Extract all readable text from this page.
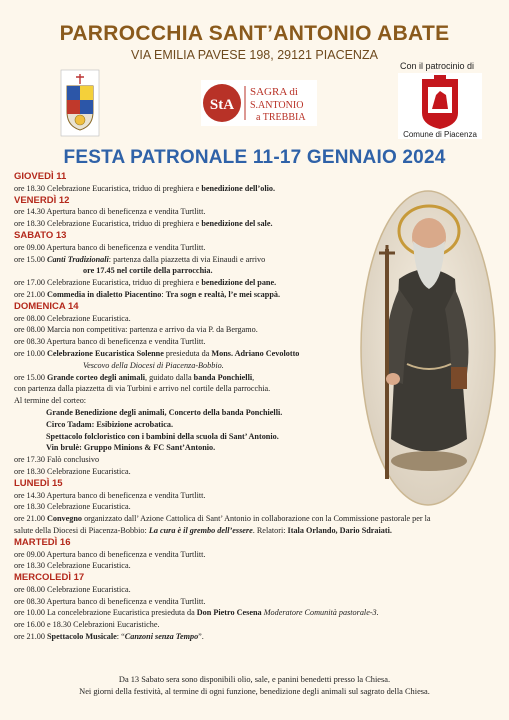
PARROCCHIA SANT’ANTONIO ABATE
VIA EMILIA PAVESE 198, 29121 PIACENZA
StA
SAGRA di
S.ANTONIO
a TREBBIA
Con il patrocinio di
Comune di Piacenza
FESTA PATRONALE 11-17 GENNAIO 2024
GIOVEDÌ 11
ore 18.30 Celebrazione Eucaristica, triduo di preghiera e benedizione dell’olio.
VENERDÌ 12
ore 14.30 Apertura banco di beneficenza e vendita Turtlitt.
ore 18.30 Celebrazione Eucaristica, triduo di preghiera e benedizione del sale.
SABATO 13
ore 09.00 Apertura banco di beneficenza e vendita Turtlitt.
ore 15.00 Canti Tradizionali: partenza dalla piazzetta di via Einaudi e arrivo
ore 17.45 nel cortile della parrocchia.
ore 17.00 Celebrazione Eucaristica, triduo di preghiera e benedizione del pane.
ore 21.00 Commedia in dialetto Piacentino: Tra sogn e realtà, l’e mei scappà.
DOMENICA 14
ore 08.00 Celebrazione Eucaristica.
ore 08.00 Marcia non competitiva: partenza e arrivo da via P. da Bergamo.
ore 08.30 Apertura banco di beneficenza e vendita Turtlitt.
ore 10.00 Celebrazione Eucaristica Solenne presieduta da Mons. Adriano Cevolotto
Vescovo della Diocesi di Piacenza-Bobbio.
ore 15.00 Grande corteo degli animali, guidato dalla banda Ponchielli,
con partenza dalla piazzetta di via Turbini e arrivo nel cortile della parrocchia.
Al termine del corteo:
Grande Benedizione degli animali, Concerto della banda Ponchielli.
Circo Tadam: Esibizione acrobatica.
Spettacolo folcloristico con i bambini della scuola di Sant’ Antonio.
Vin brulè: Gruppo Minions & FC Sant’Antonio.
ore 17.30 Falò conclusivo
ore 18.30 Celebrazione Eucaristica.
LUNEDÌ 15
ore 14.30 Apertura banco di beneficenza e vendita Turtlitt.
ore 18.30 Celebrazione Eucaristica.
ore 21.00 Convegno organizzato dall’ Azione Cattolica di Sant’ Antonio in collaborazione con la Commissione pastorale per la
salute della Diocesi di Piacenza-Bobbio: La cura è il grembo dell’essere. Relatori: Itala Orlando, Dario Sdraiati.
MARTEDÌ 16
ore 09.00 Apertura banco di beneficenza e vendita Turtlitt.
ore 18.30 Celebrazione Eucaristica.
MERCOLEDÌ 17
ore 08.00 Celebrazione Eucaristica.
ore 08.30 Apertura banco di beneficenza e vendita Turtlitt.
ore 10.00 La concelebrazione Eucaristica presieduta da Don Pietro Cesena Moderatore Comunità pastorale-3.
ore 16.00 e 18.30 Celebrazioni Eucaristiche.
ore 21.00 Spettacolo Musicale: “Canzoni senza Tempo”.
Da 13 Sabato sera sono disponibili olio, sale, e panini benedetti presso la Chiesa.
Nei giorni della festività, al termine di ogni funzione, benedizione degli animali sul sagrato della Chiesa.
